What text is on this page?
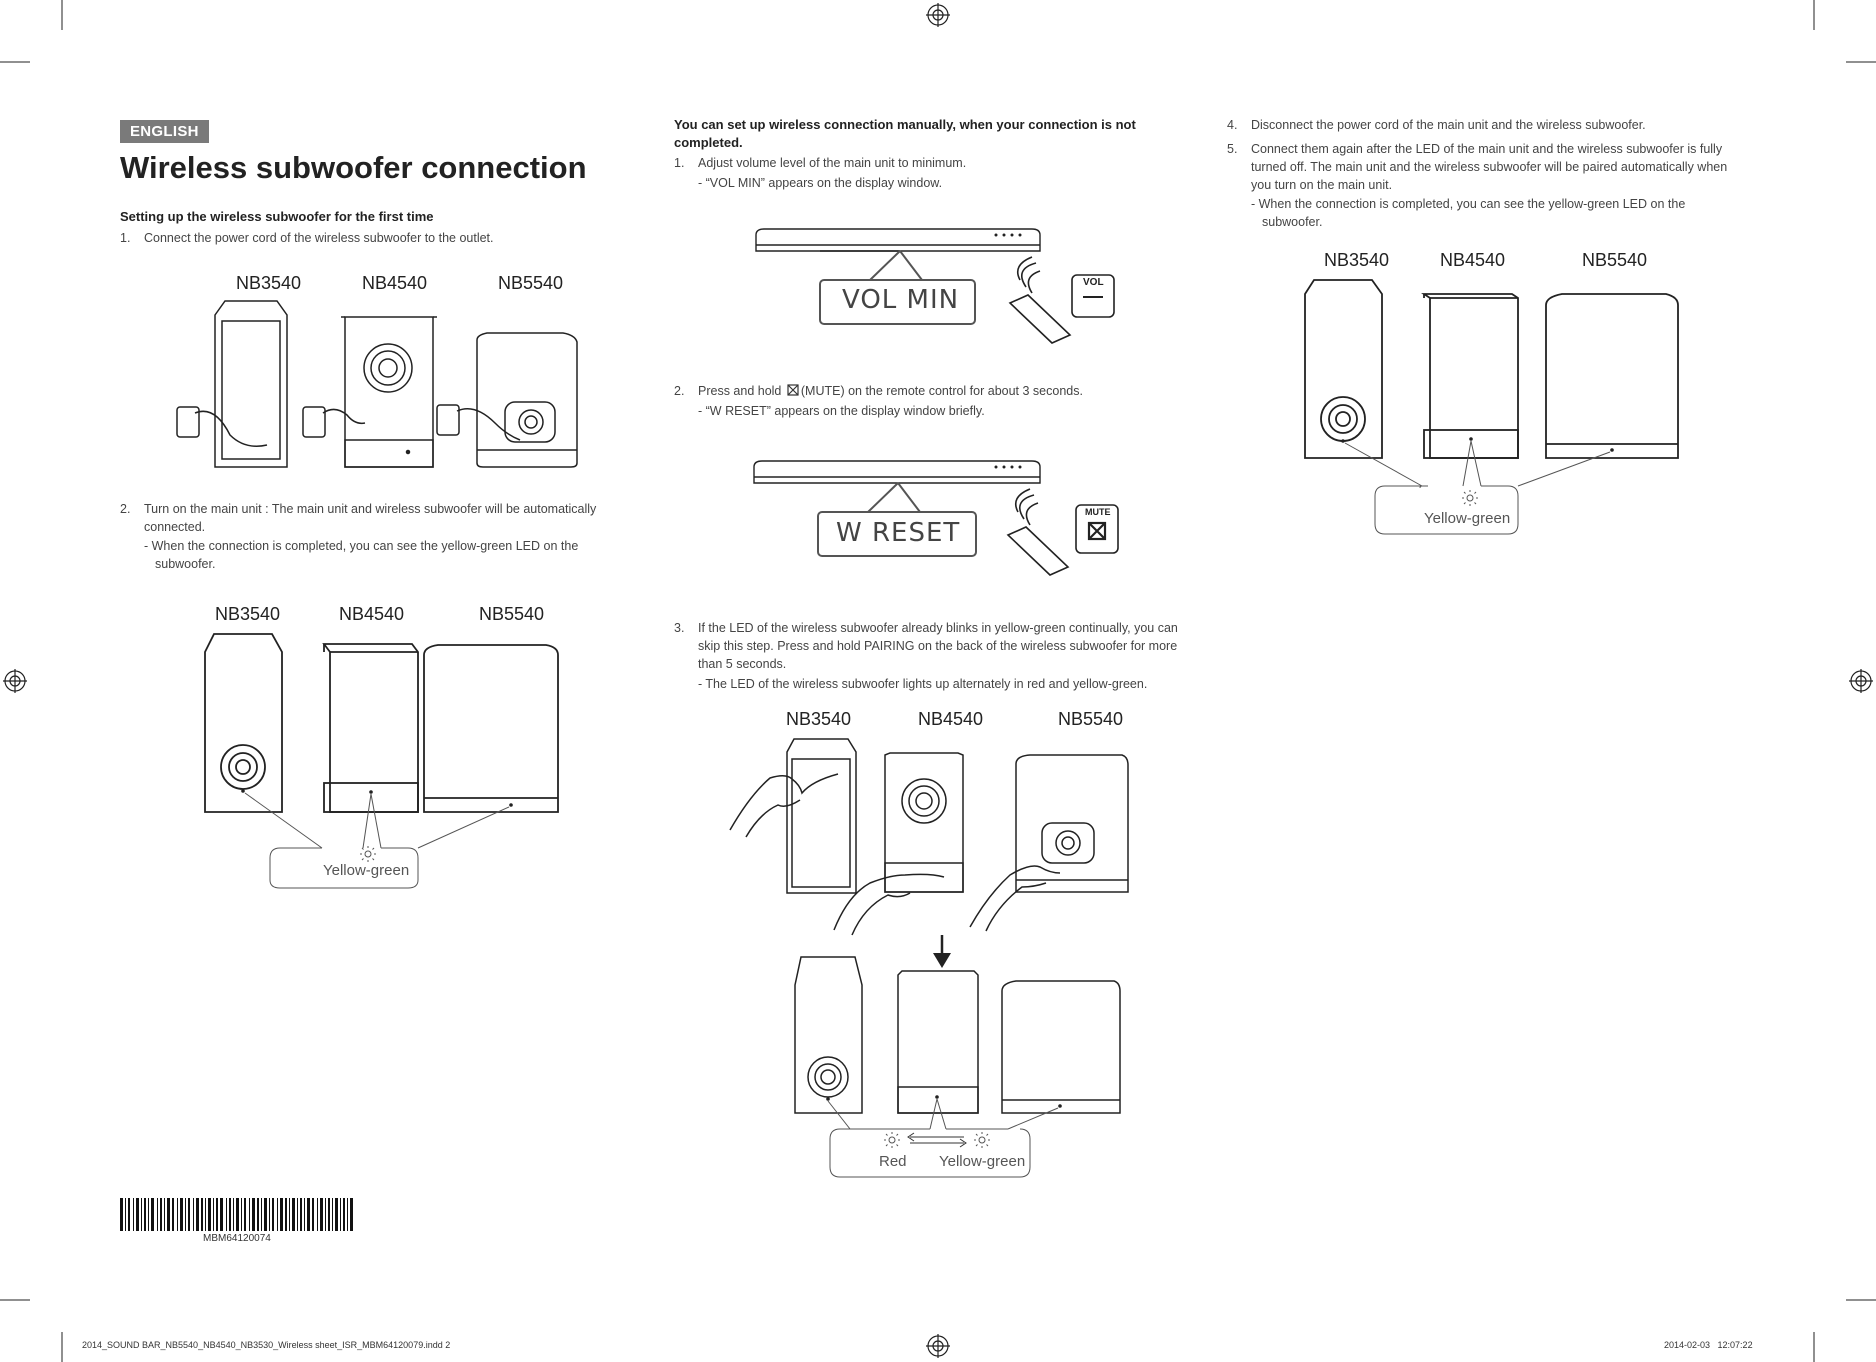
ENGLISH
Wireless subwoofer connection
Setting up the wireless subwoofer for the first time
1. Connect the power cord of the wireless subwoofer to the outlet.
NB3540	NB4540	NB5540
2. Turn on the main unit : The main unit and wireless subwoofer will be automatically
connected.
- When the connection is completed, you can see the yellow-green LED on the
subwoofer.
NB3540	NB4540	NB5540
Yellow-green
MBM64120074
You can set up wireless connection manually, when your connection is not
completed.
1. Adjust volume level of the main unit to minimum.
- “VOL MIN” appears on the display window.
VOL MIN
VOL
2. Press and hold (MUTE) on the remote control for about 3 seconds.
- “W RESET” appears on the display window briefly.
W RESET
MUTE
3. If the LED of the wireless subwoofer already blinks in yellow-green continually, you can
skip this step. Press and hold PAIRING on the back of the wireless subwoofer for more
than 5 seconds.
- The LED of the wireless subwoofer lights up alternately in red and yellow-green.
NB3540	NB4540	NB5540
Red Yellow-green
4. Disconnect the power cord of the main unit and the wireless subwoofer.
5. Connect them again after the LED of the main unit and the wireless subwoofer is fully
turned off. The main unit and the wireless subwoofer will be paired automatically when
you turn on the main unit.
- When the connection is completed, you can see the yellow-green LED on the
subwoofer.
NB3540	NB4540	NB5540
Yellow-green
2014_SOUND BAR_NB5540_NB4540_NB3530_Wireless sheet_ISR_MBM64120079.indd 2	2014-02-03   12:07:22
